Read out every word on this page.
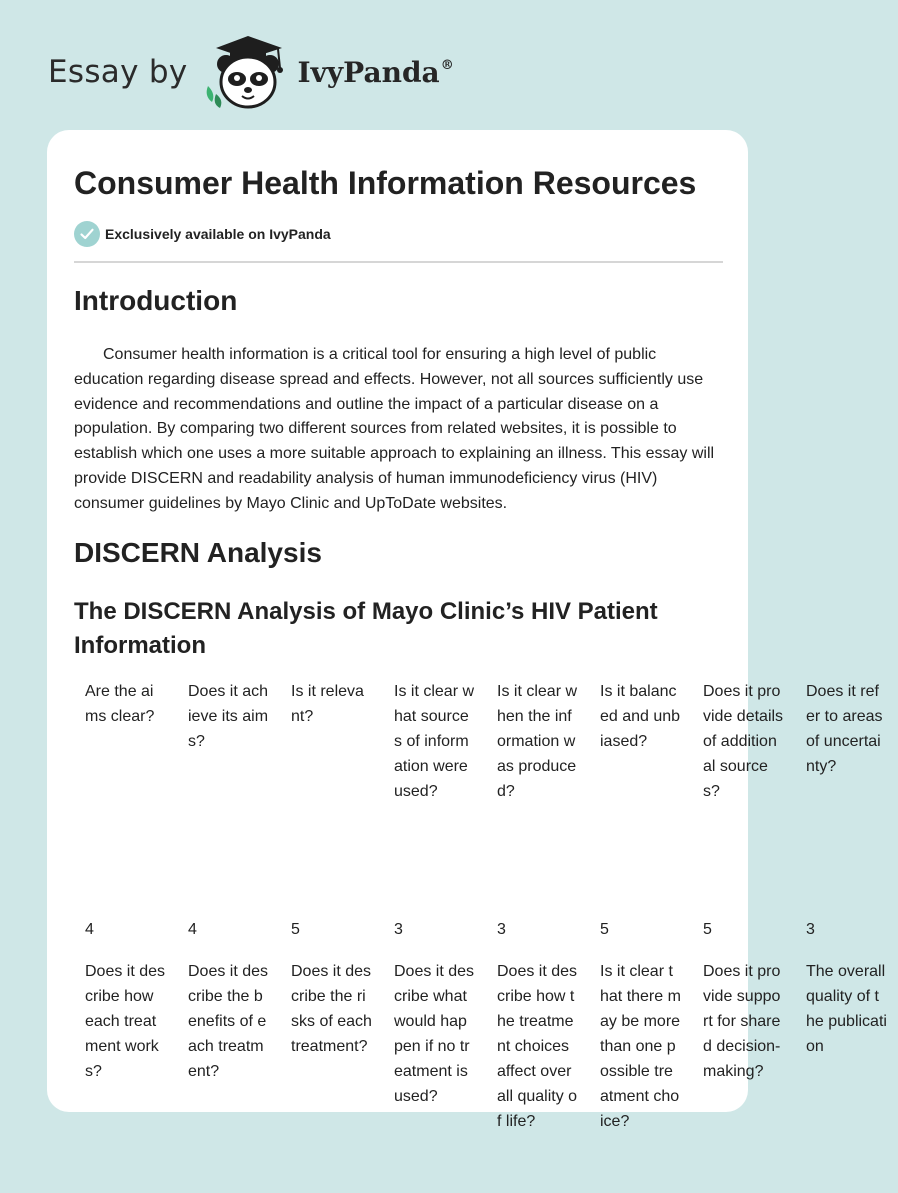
Essay by	IvyPanda®
Consumer Health Information Resources
Exclusively available on IvyPanda
Introduction

Consumer health information is a critical tool for ensuring a high level of public education regarding disease spread and effects. However, not all sources sufficiently use evidence and recommendations and outline the impact of a particular disease on a population. By comparing two different sources from related websites, it is possible to establish which one uses a more suitable approach to explaining an illness. This essay will provide DISCERN and readability analysis of human immunodeficiency virus (HIV) consumer guidelines by Mayo Clinic and UpToDate websites.

DISCERN Analysis
The DISCERN Analysis of Mayo Clinic’s HIV Patient Information
Are the aims clear?	Does it achieve its aims?	Is it relevant?	Is it clear what sources of information were used?	Is it clear when the information was produced?	Is it balanced and unbiased?	Does it provide details of additional sources?	Does it refer to areas of uncertainty?
4	4	5	3	3	5	5	3
Does it describe how each treatment works?	Does it describe the benefits of each treatment?	Does it describe the risks of each treatment?	Does it describe what would happen if no treatment is used?	Does it describe how the treatment choices affect overall quality of life?	Is it clear that there may be more than one possible treatment choice?	Does it provide support for shared decision-making?	The overall quality of the publication
